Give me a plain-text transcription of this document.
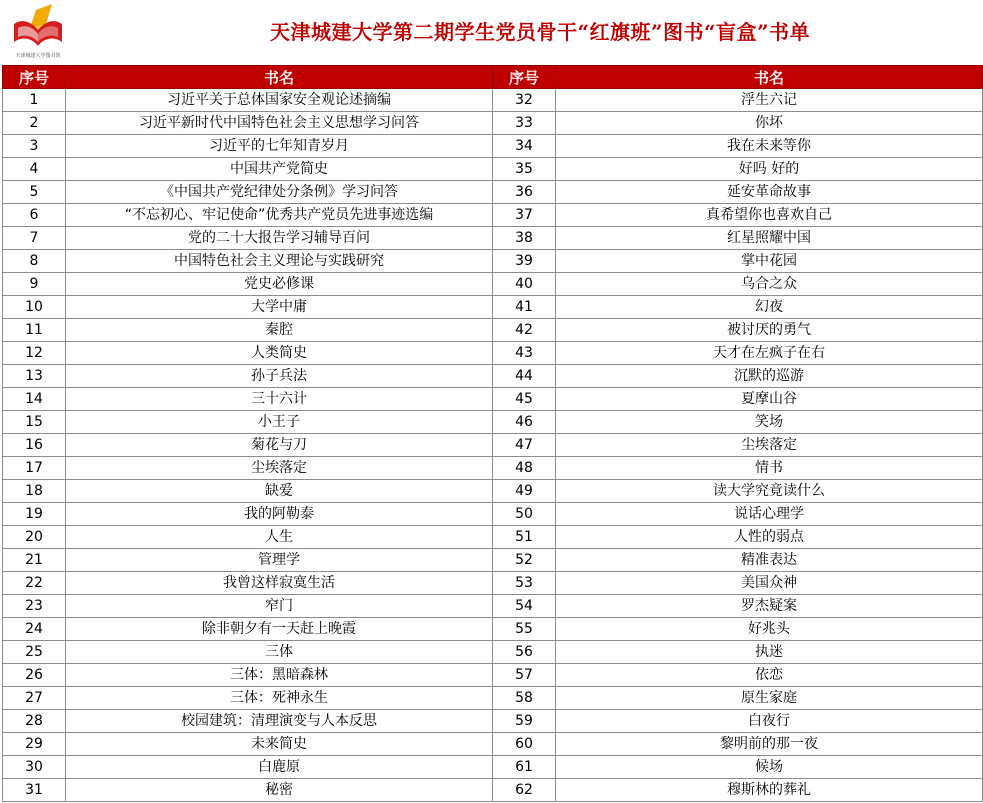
天津城建大学图书馆
天津城建大学第二期学生党员骨干“红旗班”图书“盲盒”书单
序号	书名	序号	书名
1	习近平关于总体国家安全观论述摘编	32	浮生六记
2	习近平新时代中国特色社会主义思想学习问答	33	你坏
3	习近平的七年知青岁月	34	我在未来等你
4	中国共产党简史	35	好吗 好的
5	《中国共产党纪律处分条例》学习问答	36	延安革命故事
6	“不忘初心、牢记使命”优秀共产党员先进事迹选编	37	真希望你也喜欢自己
7	党的二十大报告学习辅导百问	38	红星照耀中国
8	中国特色社会主义理论与实践研究	39	掌中花园
9	党史必修课	40	乌合之众
10	大学中庸	41	幻夜
11	秦腔	42	被讨厌的勇气
12	人类简史	43	天才在左疯子在右
13	孙子兵法	44	沉默的巡游
14	三十六计	45	夏摩山谷
15	小王子	46	笑场
16	菊花与刀	47	尘埃落定
17	尘埃落定	48	情书
18	缺爱	49	读大学究竟读什么
19	我的阿勒泰	50	说话心理学
20	人生	51	人性的弱点
21	管理学	52	精准表达
22	我曾这样寂寞生活	53	美国众神
23	窄门	54	罗杰疑案
24	除非朝夕有一天赶上晚霞	55	好兆头
25	三体	56	执迷
26	三体：黑暗森林	57	依恋
27	三体：死神永生	58	原生家庭
28	校园建筑：清理演变与人本反思	59	白夜行
29	未来简史	60	黎明前的那一夜
30	白鹿原	61	候场
31	秘密	62	穆斯林的葬礼
